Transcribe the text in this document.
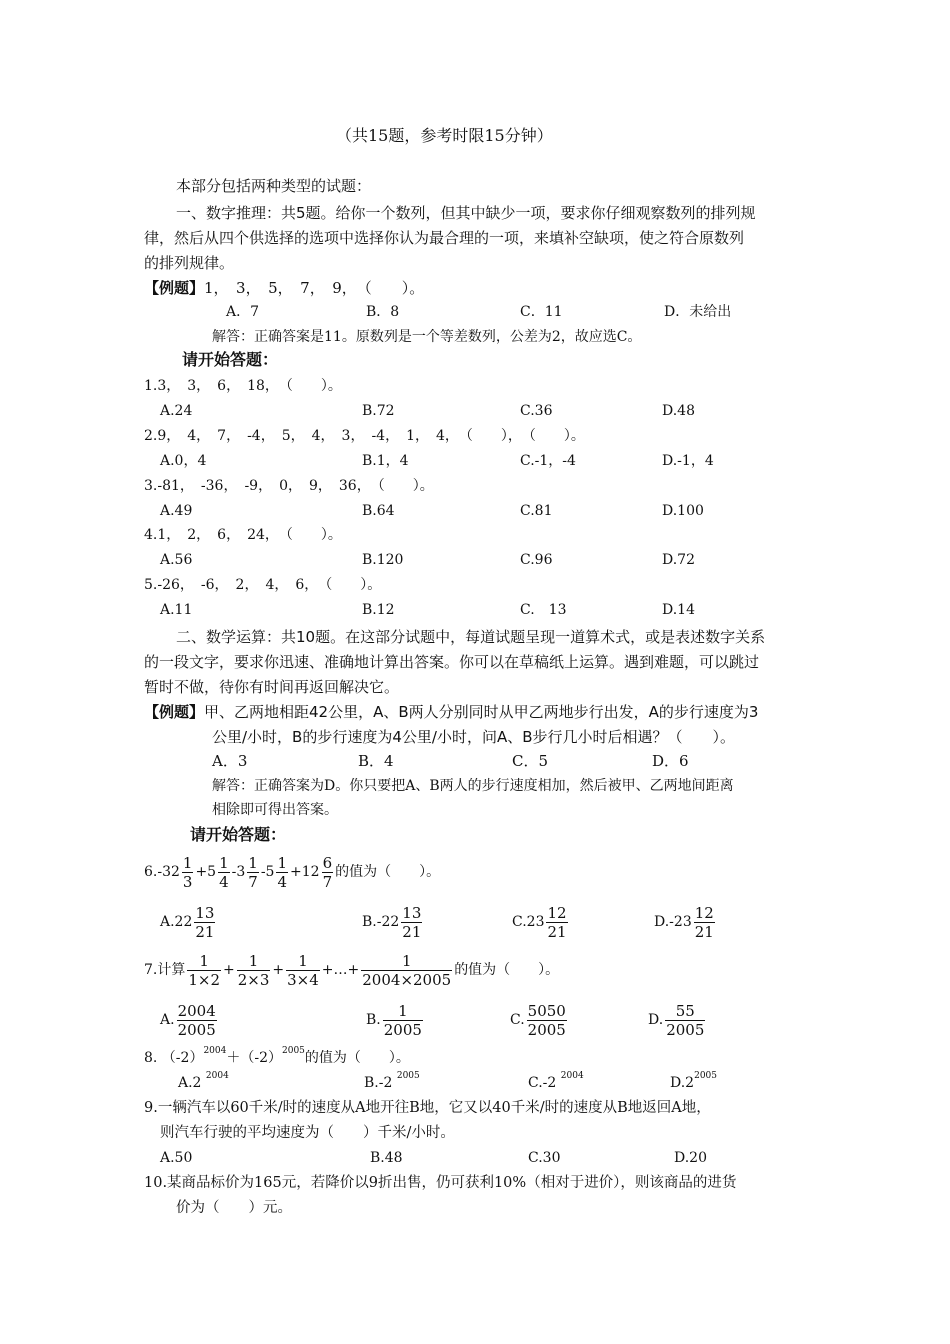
（共15题，参考时限15分钟）
本部分包括两种类型的试题：
一、数字推理：共5题。给你一个数列，但其中缺少一项，要求你仔细观察数列的排列规
律，然后从四个供选择的选项中选择你认为最合理的一项，来填补空缺项，使之符合原数列
的排列规律。
【例题】1，　3，　5，　7，　9，　（　　）。
A．7	B．8	C．11	D．未给出
解答：正确答案是11。原数列是一个等差数列，公差为2，故应选C。
请开始答题：
1.3，　3，　6，　18，　（　　）。
A.24	B.72	C.36	D.48
2.9，　4，　7，　-4，　5，　4，　3，　-4，　1，　4，　（　　），　（　　）。
A.0，4	B.1，4	C.-1，-4	D.-1，4
3.-81，　-36，　-9，　0，　9，　36，　（　　）。
A.49	B.64	C.81	D.100
4.1，　2，　6，　24，　（　　）。
A.56	B.120	C.96	D.72
5.-26，　-6，　2，　4，　6，　（　　）。
A.11	B.12	C.　13	D.14
二、数学运算：共10题。在这部分试题中，每道试题呈现一道算术式，或是表述数字关系
的一段文字，要求你迅速、准确地计算出答案。你可以在草稿纸上运算。遇到难题，可以跳过
暂时不做，待你有时间再返回解决它。
【例题】甲、乙两地相距42公里，A、B两人分别同时从甲乙两地步行出发，A的步行速度为3
公里/小时，B的步行速度为4公里/小时，问A、B步行几小时后相遇？（　　）。
A．3	B．4	C．5	D．6
解答：正确答案为D。你只要把A、B两人的步行速度相加，然后被甲、乙两地间距离
相除即可得出答案。
请开始答题：
$6.-32 \frac{1}{3} +5 \frac{1}{4} -3 \frac{1}{7} -5 \frac{1}{4} +12 \frac{6}{7}$ 的值为（　　）。
$A.22 \frac{13}{21}$	$B.-22 \frac{13}{21}$	$C.23 \frac{12}{21}$	$D.-23 \frac{12}{21}$
7.计算 $\frac{1}{1\times 2} + \frac{1}{2\times 3} + \frac{1}{3\times 4}$ +…+ $\frac{1}{2004\times 2005}$ 的值为（　　）。
A. $\frac{2004}{2005}$	B. $\frac{1}{2005}$	C. $\frac{5050}{2005}$	D. $\frac{55}{2005}$
8. $(-2)^{2004}+(-2)^{2005}$的值为（　　）。
A.2 $^{2004}$	B.-2 $^{2005}$	C.-2 $^{2004}$	$D.2^{2005}$
9.一辆汽车以60千米/时的速度从A地开往B地，它又以40千米/时的速度从B地返回A地，
则汽车行驶的平均速度为（　　）千米/小时。
A.50	B.48	C.30	D.20
10.某商品标价为165元，若降价以9折出售，仍可获利10%（相对于进价），则该商品的进货
价为（　　）元。
